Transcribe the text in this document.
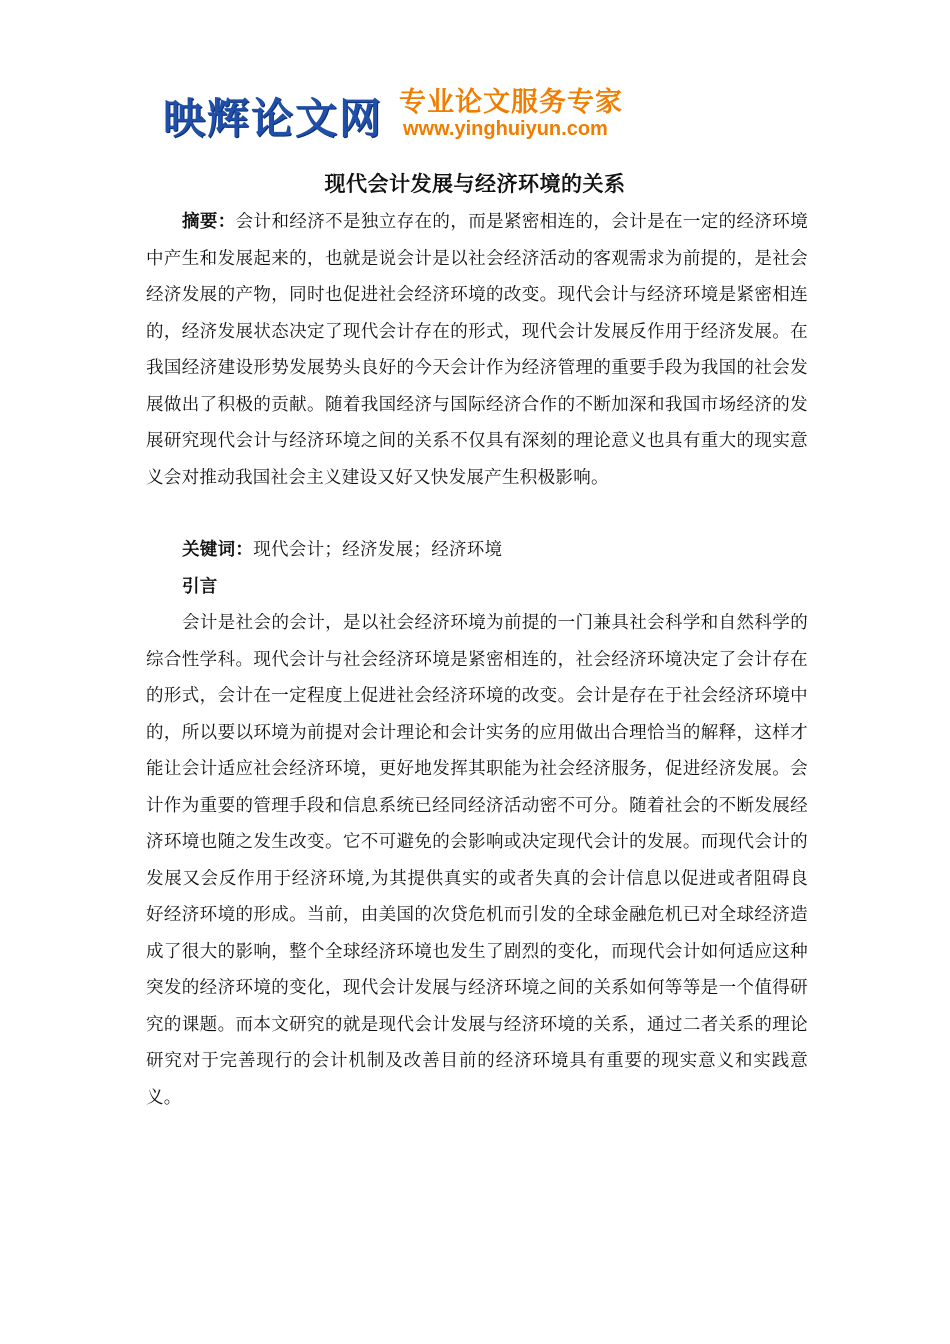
映辉论文网 专业论文服务专家
www.yinghuiyun.com
现代会计发展与经济环境的关系

摘要：会计和经济不是独立存在的，而是紧密相连的，会计是在一定的经济环境中产生和发展起来的，也就是说会计是以社会经济活动的客观需求为前提的，是社会经济发展的产物，同时也促进社会经济环境的改变。现代会计与经济环境是紧密相连的，经济发展状态决定了现代会计存在的形式，现代会计发展反作用于经济发展。在我国经济建设形势发展势头良好的今天会计作为经济管理的重要手段为我国的社会发展做出了积极的贡献。随着我国经济与国际经济合作的不断加深和我国市场经济的发展研究现代会计与经济环境之间的关系不仅具有深刻的理论意义也具有重大的现实意义会对推动我国社会主义建设又好又快发展产生积极影响。

关键词：现代会计；经济发展；经济环境

引言

会计是社会的会计，是以社会经济环境为前提的一门兼具社会科学和自然科学的综合性学科。现代会计与社会经济环境是紧密相连的，社会经济环境决定了会计存在的形式，会计在一定程度上促进社会经济环境的改变。会计是存在于社会经济环境中的，所以要以环境为前提对会计理论和会计实务的应用做出合理恰当的解释，这样才能让会计适应社会经济环境，更好地发挥其职能为社会经济服务，促进经济发展。会计作为重要的管理手段和信息系统已经同经济活动密不可分。随着社会的不断发展经济环境也随之发生改变。它不可避免的会影响或决定现代会计的发展。而现代会计的发展又会反作用于经济环境,为其提供真实的或者失真的会计信息以促进或者阻碍良好经济环境的形成。当前，由美国的次贷危机而引发的全球金融危机已对全球经济造成了很大的影响，整个全球经济环境也发生了剧烈的变化，而现代会计如何适应这种突发的经济环境的变化，现代会计发展与经济环境之间的关系如何等等是一个值得研究的课题。而本文研究的就是现代会计发展与经济环境的关系，通过二者关系的理论研究对于完善现行的会计机制及改善目前的经济环境具有重要的现实意义和实践意义。
